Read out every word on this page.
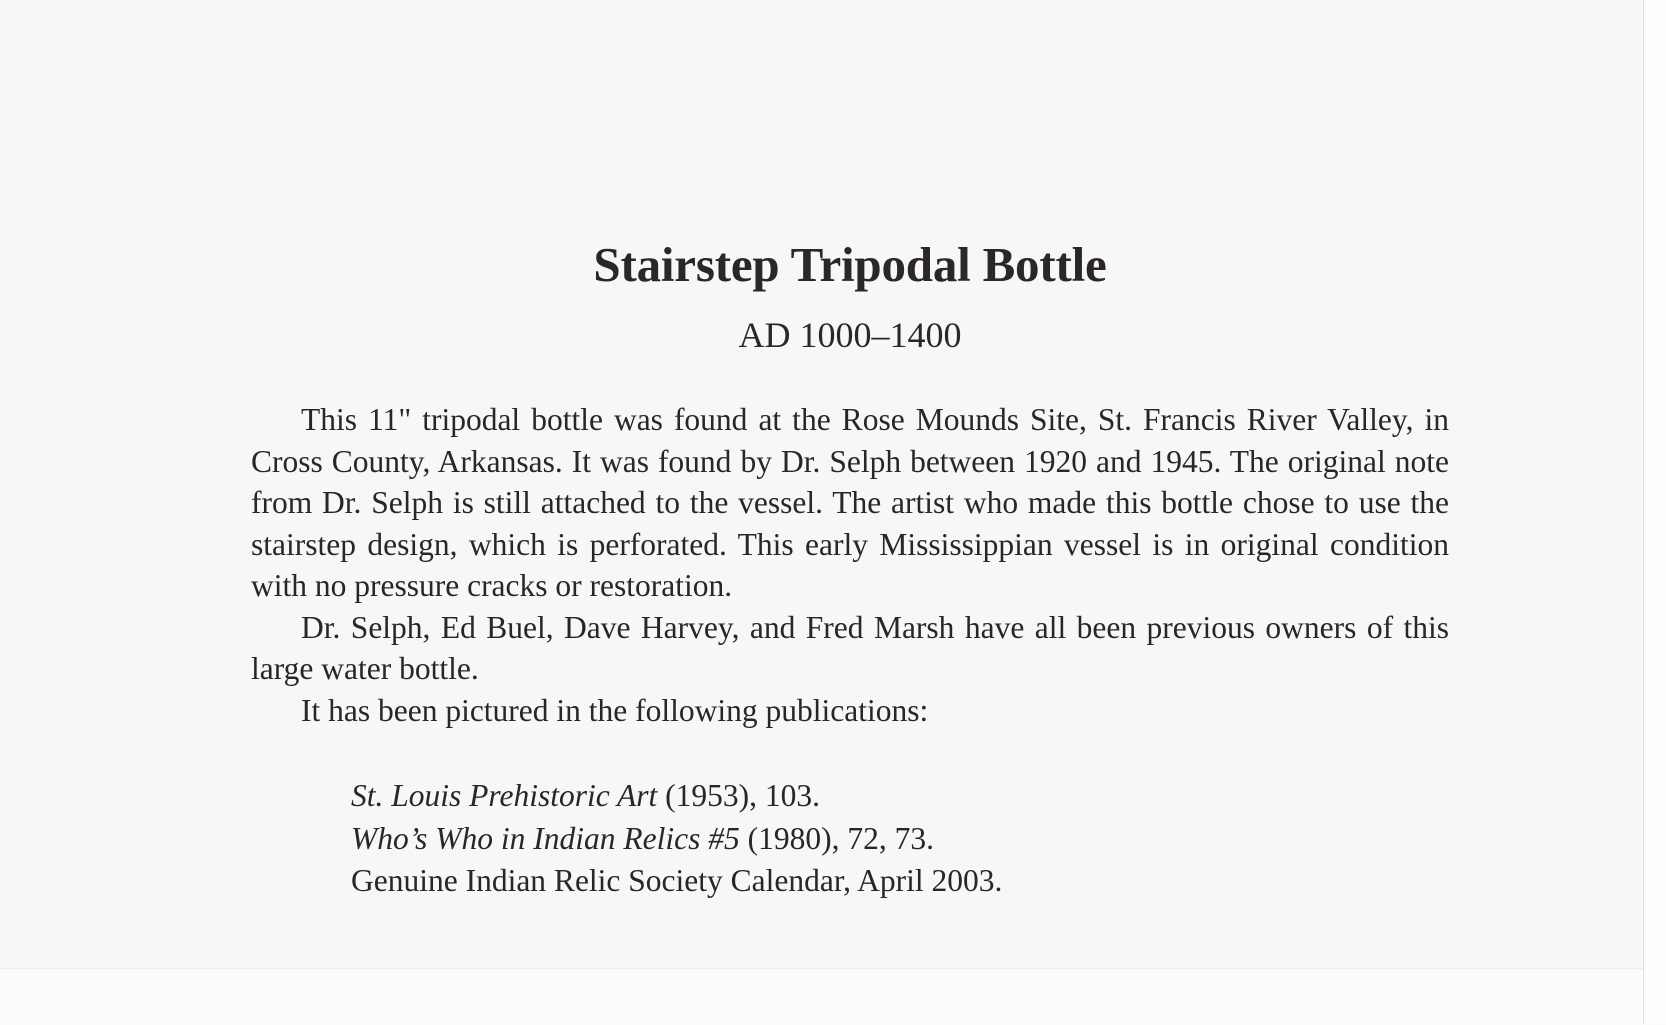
Stairstep Tripodal Bottle
AD 1000–1400

This 11" tripodal bottle was found at the Rose Mounds Site, St. Francis River Valley, in Cross County, Arkansas. It was found by Dr. Selph between 1920 and 1945. The original note from Dr. Selph is still attached to the vessel. The artist who made this bottle chose to use the stairstep design, which is perforated. This early Mississippian vessel is in original condition with no pressure cracks or restoration.

Dr. Selph, Ed Buel, Dave Harvey, and Fred Marsh have all been previous owners of this large water bottle.

It has been pictured in the following publications:

St. Louis Prehistoric Art (1953), 103.

Who’s Who in Indian Relics #5 (1980), 72, 73.

Genuine Indian Relic Society Calendar, April 2003.
